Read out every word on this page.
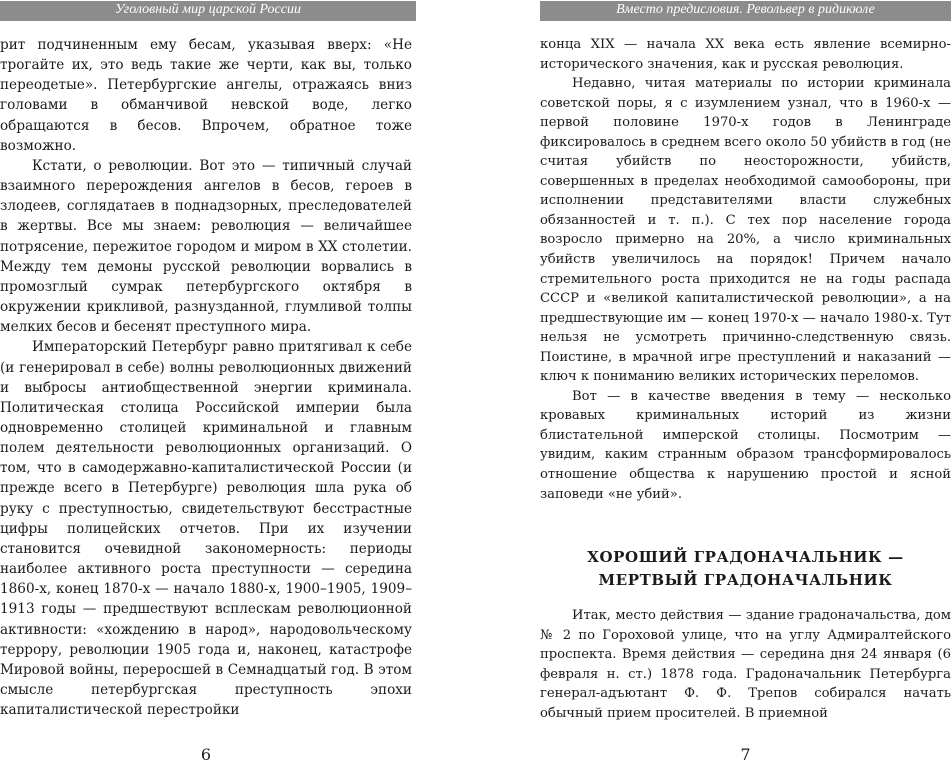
Уголовный мир царской России

рит подчиненным ему бесам, указывая вверх: «Не трогайте их, это ведь такие же черти, как вы, только переодетые». Петербургские ангелы, отражаясь вниз головами в обманчивой невской воде, легко обращаются в бесов. Впрочем, обратное тоже возможно.

Кстати, о революции. Вот это — типичный случай взаимного перерождения ангелов в бесов, героев в злодеев, соглядатаев в поднадзорных, преследователей в жертвы. Все мы знаем: революция — величайшее потрясение, пережитое городом и миром в XX столетии. Между тем демоны русской революции ворвались в промозглый сумрак петербургского октября в окружении крикливой, разнузданной, глумливой толпы мелких бесов и бесенят преступного мира.

Императорский Петербург равно притягивал к себе (и генерировал в себе) волны революционных движений и выбросы антиобщественной энергии криминала. Политическая столица Российской империи была одновременно столицей криминальной и главным полем деятельности революционных организаций. О том, что в самодержавно-капиталистической России (и прежде всего в Петербурге) революция шла рука об руку с преступностью, свидетельствуют бесстрастные цифры полицейских отчетов. При их изучении становится очевидной закономерность: периоды наиболее активного роста преступности — середина 1860-х, конец 1870-х — начало 1880-х, 1900–1905, 1909–1913 годы — предшествуют всплескам революционной активности: «хождению в народ», народовольческому террору, революции 1905 года и, наконец, катастрофе Мировой войны, переросшей в Семнадцатый год. В этом смысле петербургская преступность эпохи капиталистической перестройки

6
Вместо предисловия. Револьвер в ридикюле

конца XIX — начала XX века есть явление всемирно-исторического значения, как и русская революция.

Недавно, читая материалы по истории криминала советской поры, я с изумлением узнал, что в 1960-х — первой половине 1970-х годов в Ленинграде фиксировалось в среднем всего около 50 убийств в год (не считая убийств по неосторожности, убийств, совершенных в пределах необходимой самообороны, при исполнении представителями власти служебных обязанностей и т. п.). С тех пор население города возросло примерно на 20%, а число криминальных убийств увеличилось на порядок! Причем начало стремительного роста приходится не на годы распада СССР и «великой капиталистической революции», а на предшествующие им — конец 1970-х — начало 1980-х. Тут нельзя не усмотреть причинно-следственную связь. Поистине, в мрачной игре преступлений и наказаний — ключ к пониманию великих исторических переломов.

Вот — в качестве введения в тему — несколько кровавых криминальных историй из жизни блистательной имперской столицы. Посмотрим — увидим, каким странным образом трансформировалось отношение общества к нарушению простой и ясной заповеди «не убий».

ХОРОШИЙ ГРАДОНАЧАЛЬНИК —
МЕРТВЫЙ ГРАДОНАЧАЛЬНИК

Итак, место действия — здание градоначальства, дом № 2 по Гороховой улице, что на углу Адмиралтейского проспекта. Время действия — середина дня 24 января (6 февраля н. ст.) 1878 года. Градоначальник Петербурга генерал-адъютант Ф. Ф. Трепов собирался начать обычный прием просителей. В приемной

7
